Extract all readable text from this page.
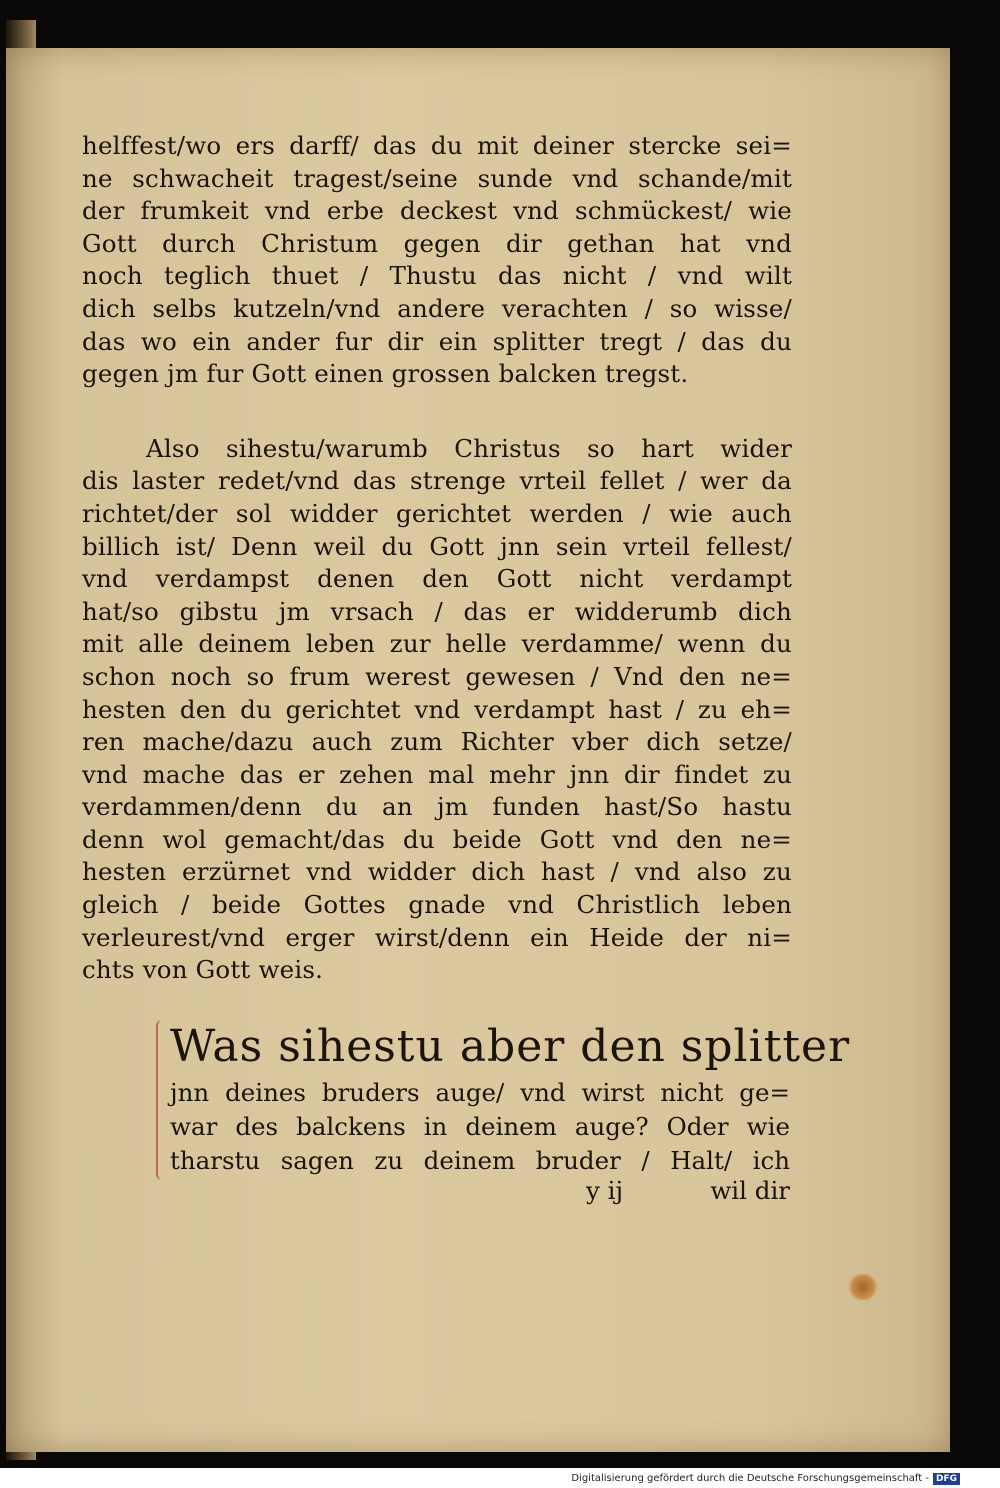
helffest/wo ers darff/ das du mit deiner stercke sei=
ne schwacheit tragest/seine sunde vnd schande/mit
der frumkeit vnd erbe deckest vnd schmückest/ wie
Gott durch Christum gegen dir gethan hat vnd
noch teglich thuet / Thustu das nicht / vnd wilt
dich selbs kutzeln/vnd andere verachten / so wisse/
das wo ein ander fur dir ein splitter tregt / das du
gegen jm fur Gott einen grossen balcken tregst.
Also sihestu/warumb Christus so hart wider
dis laster redet/vnd das strenge vrteil fellet / wer da
richtet/der sol widder gerichtet werden / wie auch
billich ist/ Denn weil du Gott jnn sein vrteil fellest/
vnd verdampst denen den Gott nicht verdampt
hat/so gibstu jm vrsach / das er widderumb dich
mit alle deinem leben zur helle verdamme/ wenn du
schon noch so frum werest gewesen / Vnd den ne=
hesten den du gerichtet vnd verdampt hast / zu eh=
ren mache/dazu auch zum Richter vber dich setze/
vnd mache das er zehen mal mehr jnn dir findet zu
verdammen/denn du an jm funden hast/So hastu
denn wol gemacht/das du beide Gott vnd den ne=
hesten erzürnet vnd widder dich hast / vnd also zu
gleich / beide Gottes gnade vnd Christlich leben
verleurest/vnd erger wirst/denn ein Heide der ni=
chts von Gott weis.
Was sihestu aber den splitter
jnn deines bruders auge/ vnd wirst nicht ge=
war des balckens in deinem auge? Oder wie
tharstu sagen zu deinem bruder / Halt/ ich
y ij	wil dir
Digitalisierung gefördert durch die Deutsche Forschungsgemeinschaft - DFG
